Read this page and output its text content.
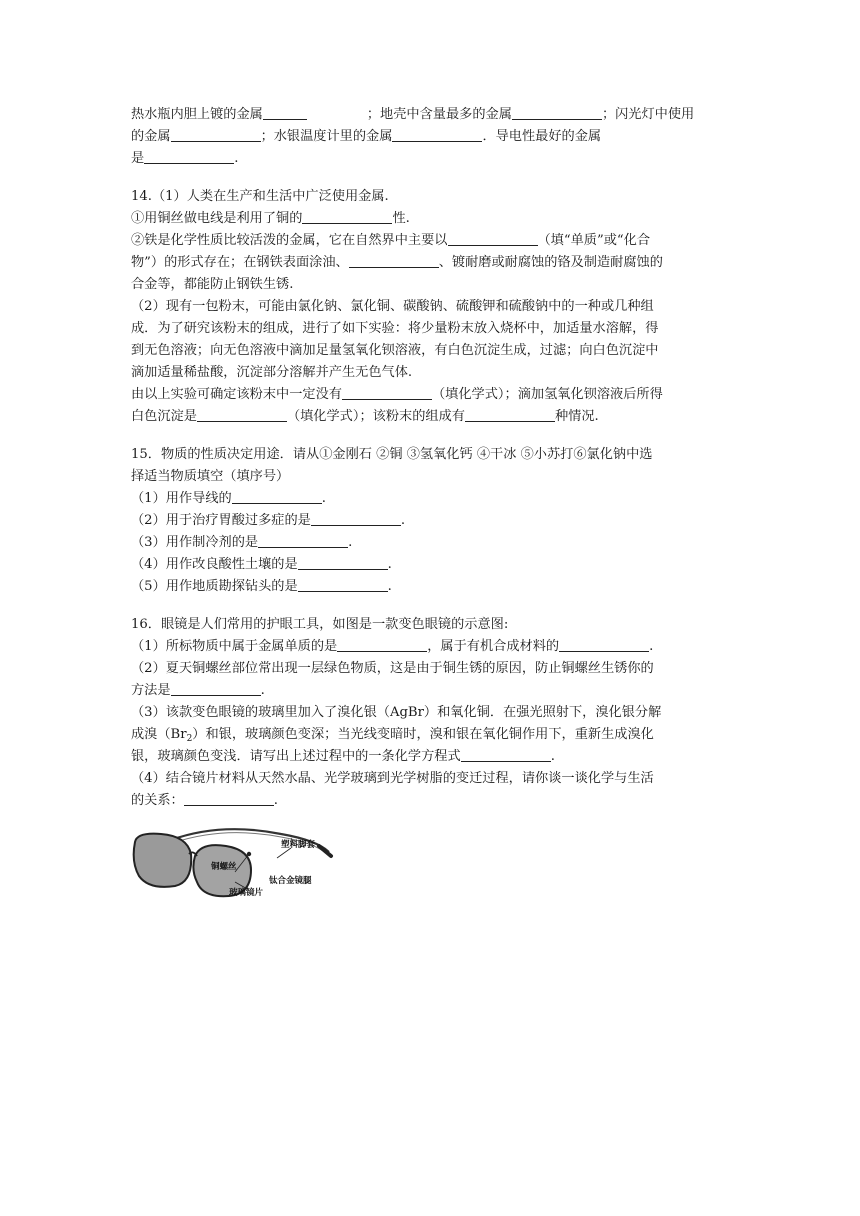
热水瓶内胆上镀的金属	；地壳中含量最多的金属	；闪光灯中使用
的金属	；水银温度计里的金属	．导电性最好的金属
是	.
14.（1）人类在生产和生活中广泛使用金属.
①用铜丝做电线是利用了铜的	性.
②铁是化学性质比较活泼的金属，它在自然界中主要以	（填“单质”或“化合
物”）的形式存在；在钢铁表面涂油、	、镀耐磨或耐腐蚀的铬及制造耐腐蚀的
合金等，都能防止钢铁生锈.
（2）现有一包粉末，可能由氯化钠、氯化铜、碳酸钠、硫酸钾和硫酸钠中的一种或几种组
成．为了研究该粉末的组成，进行了如下实验：将少量粉末放入烧杯中，加适量水溶解，得
到无色溶液；向无色溶液中滴加足量氢氧化钡溶液，有白色沉淀生成，过滤；向白色沉淀中
滴加适量稀盐酸，沉淀部分溶解并产生无色气体.
由以上实验可确定该粉末中一定没有	（填化学式）；滴加氢氧化钡溶液后所得
白色沉淀是	（填化学式）；该粉末的组成有	种情况.
15．物质的性质决定用途．请从①金刚石 ②铜 ③氢氧化钙 ④干冰 ⑤小苏打⑥氯化钠中选
择适当物质填空（填序号）
（1）用作导线的	.
（2）用于治疗胃酸过多症的是	.
（3）用作制冷剂的是	.
（4）用作改良酸性土壤的是	.
（5）用作地质勘探钻头的是	.
16．眼镜是人们常用的护眼工具，如图是一款变色眼镜的示意图:
（1）所标物质中属于金属单质的是	，属于有机合成材料的	.
（2）夏天铜螺丝部位常出现一层绿色物质，这是由于铜生锈的原因，防止铜螺丝生锈你的
方法是	.
（3）该款变色眼镜的玻璃里加入了溴化银（AgBr）和氧化铜．在强光照射下，溴化银分解
成溴$(Br_2)$和银，玻璃颜色变深；当光线变暗时，溴和银在氧化铜作用下，重新生成溴化
银，玻璃颜色变浅．请写出上述过程中的一条化学方程式	.
（4）结合镜片材料从天然水晶、光学玻璃到光学树脂的变迁过程，请你谈一谈化学与生活
的关系：	.
铜螺丝
塑料脚套
钛合金镜腿
玻璃镜片
